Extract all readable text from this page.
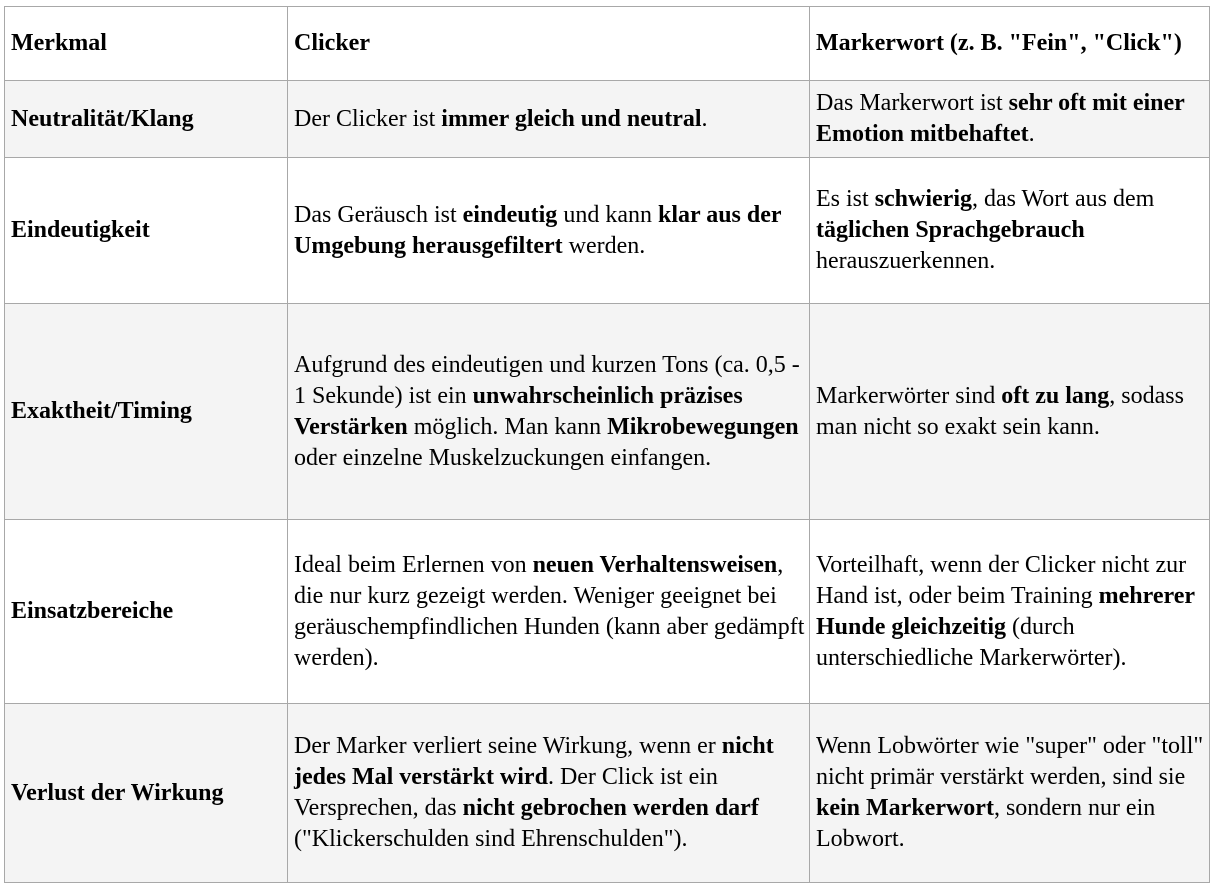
Merkmal	Clicker	Markerwort (z. B. "Fein", "Click")
Neutralität/Klang	Der Clicker ist immer gleich und neutral.	Das Markerwort ist sehr oft mit einer Emotion mitbehaftet.
Eindeutigkeit	Das Geräusch ist eindeutig und kann klar aus der Umgebung herausgefiltert werden.	Es ist schwierig, das Wort aus dem täglichen Sprachgebrauch herauszuerkennen.
Exaktheit/Timing	Aufgrund des eindeutigen und kurzen Tons (ca. 0,5 - 1 Sekunde) ist ein unwahrscheinlich präzises Verstärken möglich. Man kann Mikrobewegungen oder einzelne Muskelzuckungen einfangen.	Markerwörter sind oft zu lang, sodass man nicht so exakt sein kann.
Einsatzbereiche	Ideal beim Erlernen von neuen Verhaltensweisen, die nur kurz gezeigt werden. Weniger geeignet bei geräuschempfindlichen Hunden (kann aber gedämpft werden).	Vorteilhaft, wenn der Clicker nicht zur Hand ist, oder beim Training mehrerer Hunde gleichzeitig (durch unterschiedliche Markerwörter).
Verlust der Wirkung	Der Marker verliert seine Wirkung, wenn er nicht jedes Mal verstärkt wird. Der Click ist ein Versprechen, das nicht gebrochen werden darf ("Klickerschulden sind Ehrenschulden").	Wenn Lobwörter wie "super" oder "toll" nicht primär verstärkt werden, sind sie kein Markerwort, sondern nur ein Lobwort.
